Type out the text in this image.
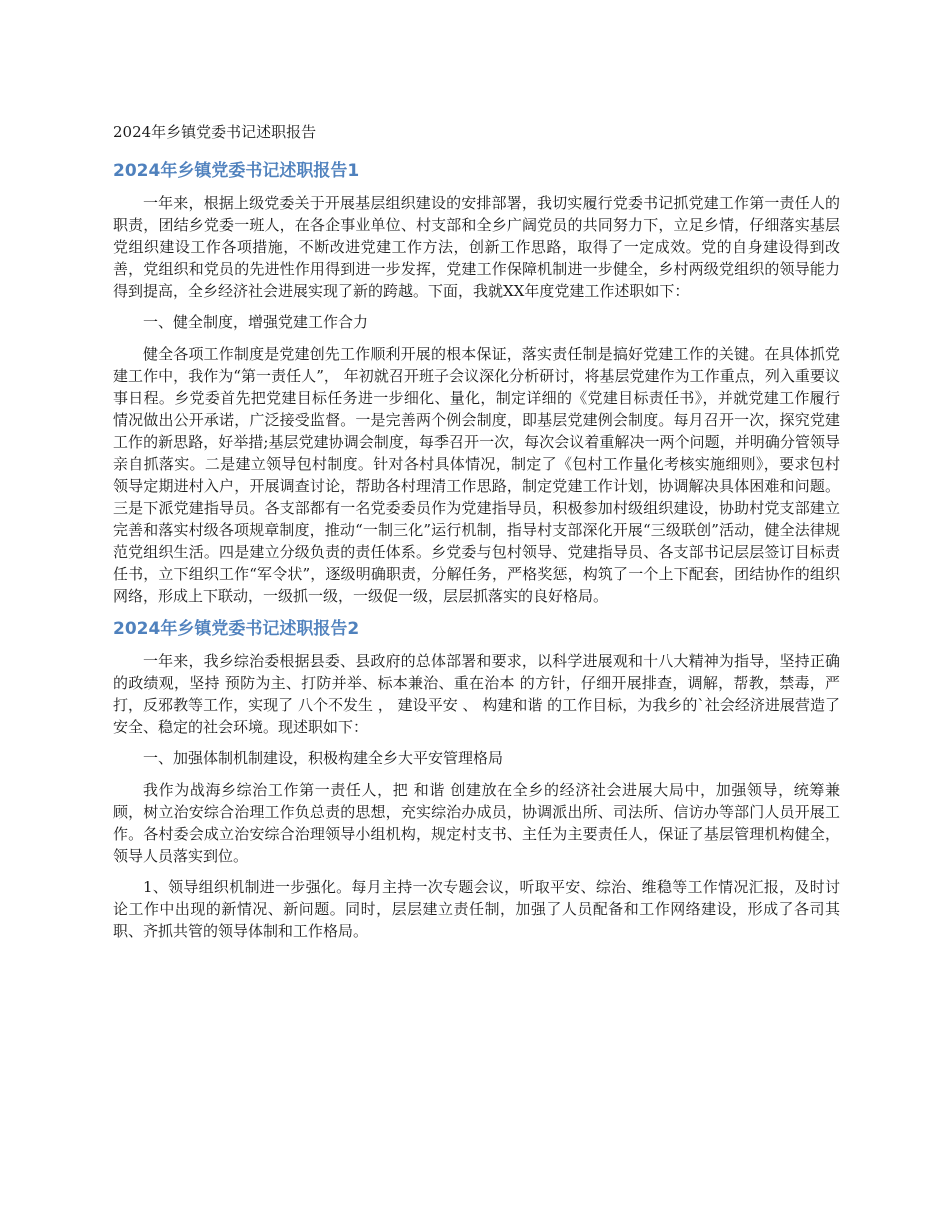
2024年乡镇党委书记述职报告
2024年乡镇党委书记述职报告1

一年来，根据上级党委关于开展基层组织建设的安排部署，我切实履行党委书记抓党建工作第一责任人的职责，团结乡党委一班人，在各企事业单位、村支部和全乡广阔党员的共同努力下，立足乡情，仔细落实基层党组织建设工作各项措施，不断改进党建工作方法，创新工作思路，取得了一定成效。党的自身建设得到改善，党组织和党员的先进性作用得到进一步发挥，党建工作保障机制进一步健全，乡村两级党组织的领导能力得到提高，全乡经济社会进展实现了新的跨越。下面，我就XX年度党建工作述职如下：

一、健全制度，增强党建工作合力

健全各项工作制度是党建创先工作顺利开展的根本保证，落实责任制是搞好党建工作的关键。在具体抓党建工作中，我作为“第一责任人”， 年初就召开班子会议深化分析研讨，将基层党建作为工作重点，列入重要议事日程。乡党委首先把党建目标任务进一步细化、量化，制定详细的《党建目标责任书》，并就党建工作履行情况做出公开承诺，广泛接受监督。一是完善两个例会制度，即基层党建例会制度。每月召开一次，探究党建工作的新思路，好举措;基层党建协调会制度，每季召开一次，每次会议着重解决一两个问题，并明确分管领导亲自抓落实。二是建立领导包村制度。针对各村具体情况，制定了《包村工作量化考核实施细则》，要求包村领导定期进村入户，开展调查讨论，帮助各村理清工作思路，制定党建工作计划，协调解决具体困难和问题。三是下派党建指导员。各支部都有一名党委委员作为党建指导员，积极参加村级组织建设，协助村党支部建立完善和落实村级各项规章制度，推动“一制三化”运行机制，指导村支部深化开展“三级联创”活动，健全法律规范党组织生活。四是建立分级负责的责任体系。乡党委与包村领导、党建指导员、各支部书记层层签订目标责任书，立下组织工作“军令状”，逐级明确职责，分解任务，严格奖惩，构筑了一个上下配套，团结协作的组织网络，形成上下联动，一级抓一级，一级促一级，层层抓落实的良好格局。

2024年乡镇党委书记述职报告2

一年来，我乡综治委根据县委、县政府的总体部署和要求，以科学进展观和十八大精神为指导，坚持正确的政绩观，坚持 预防为主、打防并举、标本兼治、重在治本 的方针，仔细开展排查，调解，帮教，禁毒，严打，反邪教等工作，实现了 八个不发生 ， 建设平安 、 构建和谐 的工作目标，为我乡的`社会经济进展营造了安全、稳定的社会环境。现述职如下：

一、加强体制机制建设，积极构建全乡大平安管理格局

我作为战海乡综治工作第一责任人，把 和谐 创建放在全乡的经济社会进展大局中，加强领导，统筹兼顾，树立治安综合治理工作负总责的思想，充实综治办成员，协调派出所、司法所、信访办等部门人员开展工作。各村委会成立治安综合治理领导小组机构，规定村支书、主任为主要责任人，保证了基层管理机构健全，领导人员落实到位。

1、领导组织机制进一步强化。每月主持一次专题会议，听取平安、综治、维稳等工作情况汇报，及时讨论工作中出现的新情况、新问题。同时，层层建立责任制，加强了人员配备和工作网络建设，形成了各司其职、齐抓共管的领导体制和工作格局。
